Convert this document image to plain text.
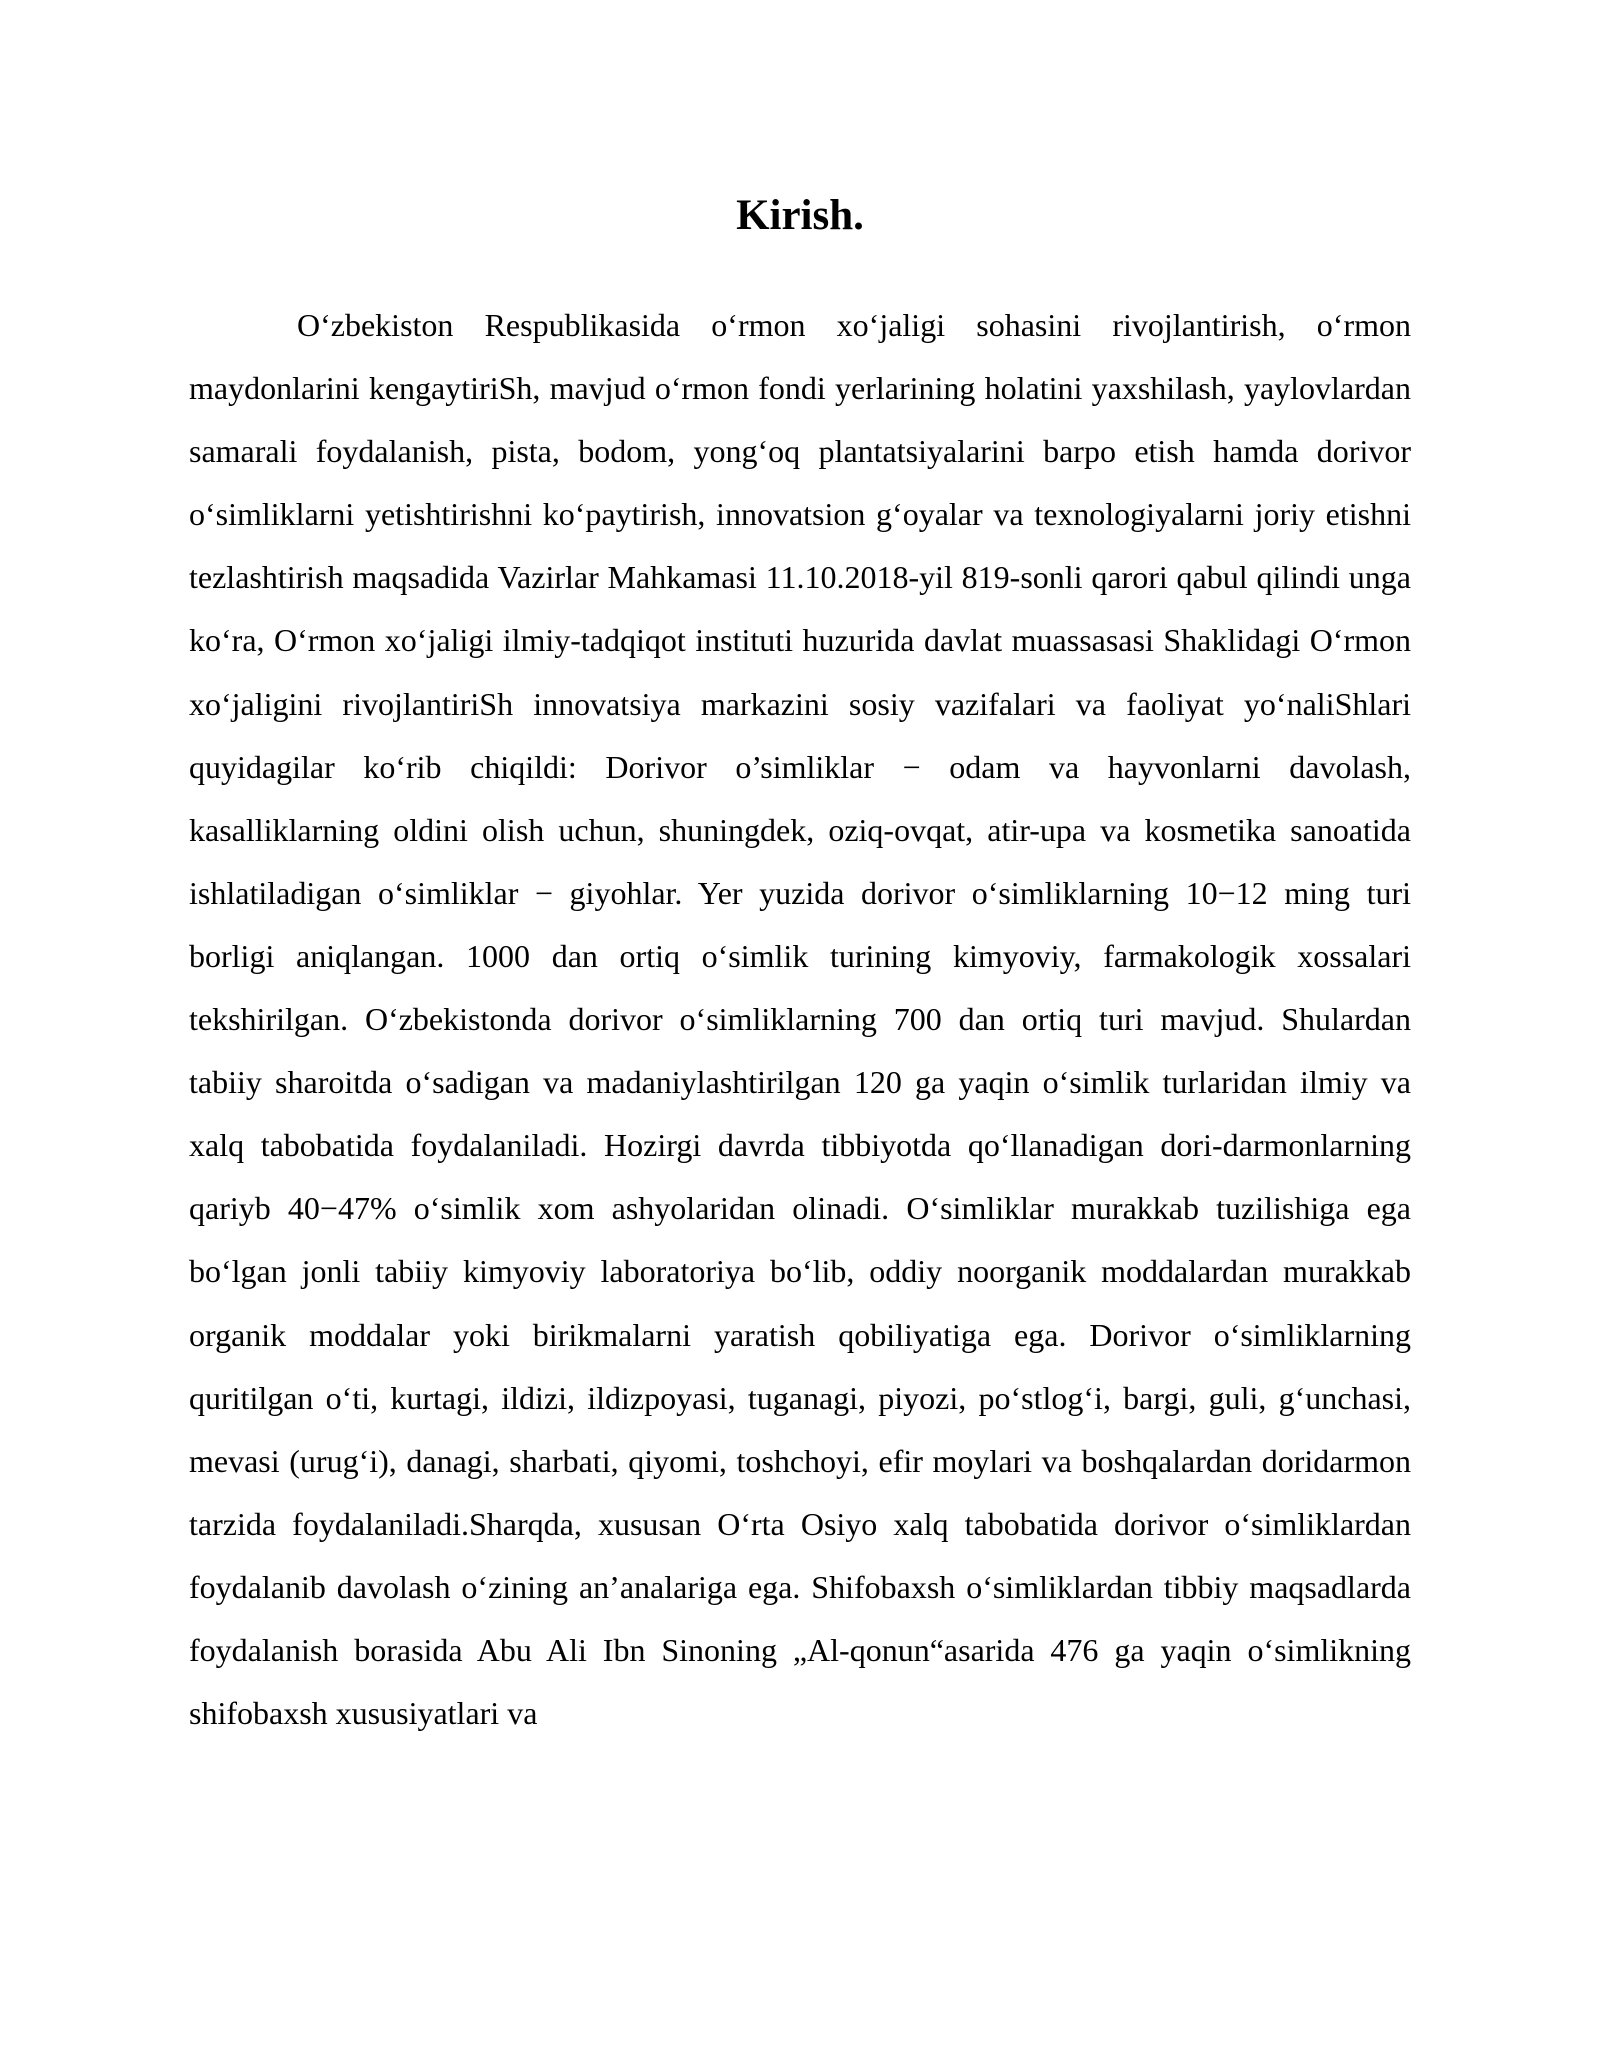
Kirish.

O‘zbekiston Respublikasida o‘rmon xo‘jaligi sohasini rivojlantirish, o‘rmon maydonlarini kengaytiriSh, mavjud o‘rmon fondi yerlarining holatini yaxshilash, yaylovlardan samarali foydalanish, pista, bodom, yong‘oq plantatsiyalarini barpo etish hamda dorivor o‘simliklarni yetishtirishni ko‘paytirish, innovatsion g‘oyalar va texnologiyalarni joriy etishni tezlashtirish maqsadida Vazirlar Mahkamasi 11.10.2018-yil 819-sonli qarori qabul qilindi unga ko‘ra, O‘rmon xo‘jaligi ilmiy-tadqiqot instituti huzurida davlat muassasasi Shaklidagi O‘rmon xo‘jaligini rivojlantiriSh innovatsiya markazini sosiy vazifalari va faoliyat yo‘naliShlari quyidagilar ko‘rib chiqildi: Dorivor o’simliklar − odam va hayvonlarni davolash, kasalliklarning oldini olish uchun, shuningdek, oziq-ovqat, atir-upa va kosmetika sanoatida ishlatiladigan o‘simliklar − giyohlar. Yer yuzida dorivor o‘simliklarning 10−12 ming turi borligi aniqlangan. 1000 dan ortiq o‘simlik turining kimyoviy, farmakologik xossalari tekshirilgan. O‘zbekistonda dorivor o‘simliklarning 700 dan ortiq turi mavjud. Shulardan tabiiy sharoitda o‘sadigan va madaniylashtirilgan 120 ga yaqin o‘simlik turlaridan ilmiy va xalq tabobatida foydalaniladi. Hozirgi davrda tibbiyotda qo‘llanadigan dori-darmonlarning qariyb 40−47% o‘simlik xom ashyolaridan olinadi. O‘simliklar murakkab tuzilishiga ega bo‘lgan jonli tabiiy kimyoviy laboratoriya bo‘lib, oddiy noorganik moddalardan murakkab organik moddalar yoki birikmalarni yaratish qobiliyatiga ega. Dorivor o‘simliklarning quritilgan o‘ti, kurtagi, ildizi, ildizpoyasi, tuganagi, piyozi, po‘stlog‘i, bargi, guli, g‘unchasi, mevasi (urug‘i), danagi, sharbati, qiyomi, toshchoyi, efir moylari va boshqalardan doridarmon tarzida foydalaniladi.Sharqda, xususan O‘rta Osiyo xalq tabobatida dorivor o‘simliklardan foydalanib davolash o‘zining an’analariga ega. Shifobaxsh o‘simliklardan tibbiy maqsadlarda foydalanish borasida Abu Ali Ibn Sinoning „Al-qonun“asarida 476 ga yaqin o‘simlikning shifobaxsh xususiyatlari va
